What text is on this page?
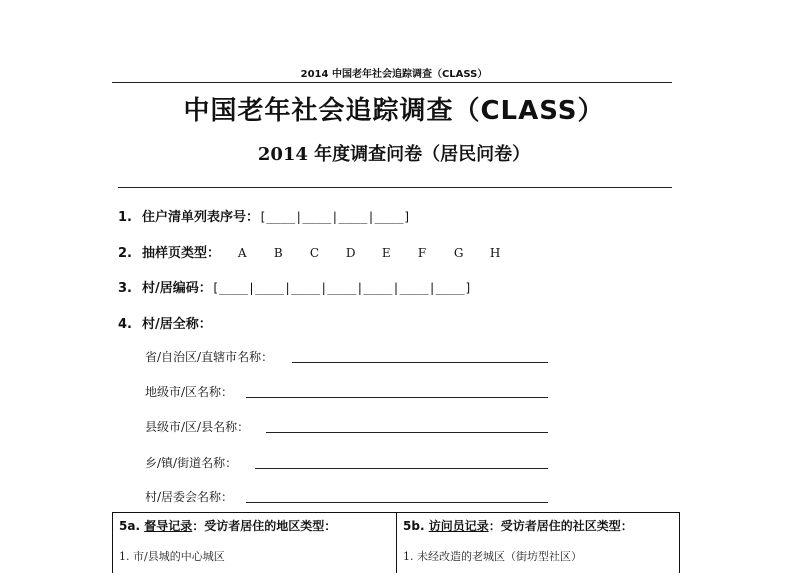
2014 中国老年社会追踪调查（CLASS）
中国老年社会追踪调查（CLASS）
2014 年度调查问卷（居民问卷）
1. 住户清单列表序号：[____|____|____|____]
2. 抽样页类型： A B C D E F G H
3. 村/居编码：[____|____|____|____|____|____|____]
4. 村/居全称：
省/自治区/直辖市名称：
地级市/区名称：
县级市/区/县名称：
乡/镇/街道名称：
村/居委会名称：
5a. 督导记录：受访者居住的地区类型：
1. 市/县城的中心城区
5b. 访问员记录：受访者居住的社区类型：
1. 未经改造的老城区（街坊型社区）
